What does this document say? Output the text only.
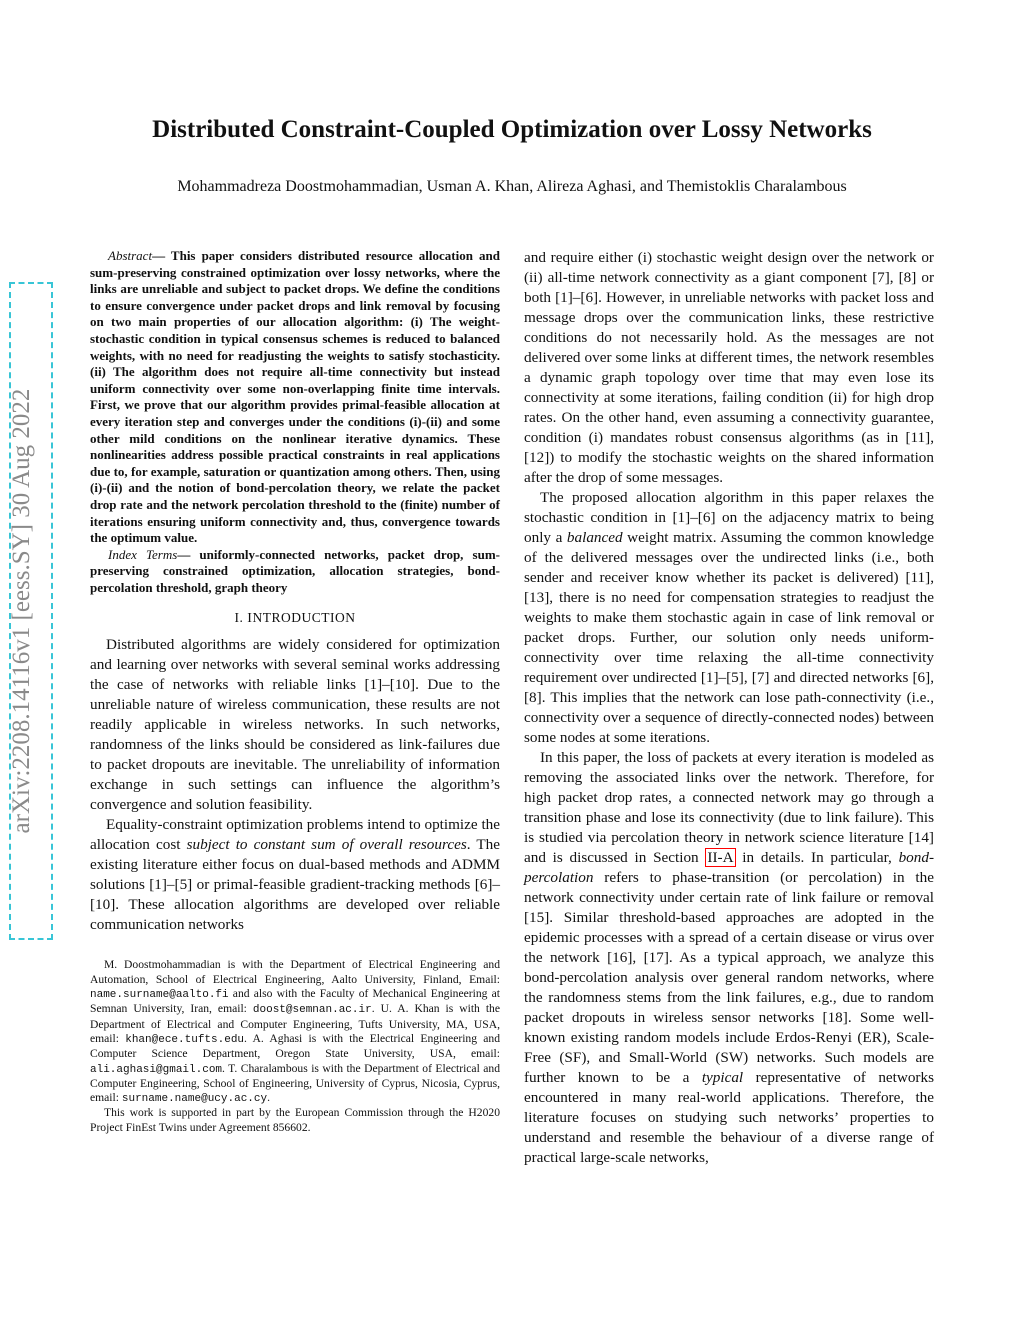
arXiv:2208.14116v1 [eess.SY] 30 Aug 2022
Distributed Constraint-Coupled Optimization over Lossy Networks
Mohammadreza Doostmohammadian, Usman A. Khan, Alireza Aghasi, and Themistoklis Charalambous

Abstract— This paper considers distributed resource allocation and sum-preserving constrained optimization over lossy networks, where the links are unreliable and subject to packet drops. We define the conditions to ensure convergence under packet drops and link removal by focusing on two main properties of our allocation algorithm: (i) The weight-stochastic condition in typical consensus schemes is reduced to balanced weights, with no need for readjusting the weights to satisfy stochasticity. (ii) The algorithm does not require all-time connectivity but instead uniform connectivity over some non-overlapping finite time intervals. First, we prove that our algorithm provides primal-feasible allocation at every iteration step and converges under the conditions (i)-(ii) and some other mild conditions on the nonlinear iterative dynamics. These nonlinearities address possible practical constraints in real applications due to, for example, saturation or quantization among others. Then, using (i)-(ii) and the notion of bond-percolation theory, we relate the packet drop rate and the network percolation threshold to the (finite) number of iterations ensuring uniform connectivity and, thus, convergence towards the optimum value.

Index Terms— uniformly-connected networks, packet drop, sum-preserving constrained optimization, allocation strategies, bond-percolation threshold, graph theory

I. INTRODUCTION

Distributed algorithms are widely considered for optimization and learning over networks with several seminal works addressing the case of networks with reliable links [1]–[10]. Due to the unreliable nature of wireless communication, these results are not readily applicable in wireless networks. In such networks, randomness of the links should be considered as link-failures due to packet dropouts are inevitable. The unreliability of information exchange in such settings can influence the algorithm’s convergence and solution feasibility.

Equality-constraint optimization problems intend to optimize the allocation cost subject to constant sum of overall resources. The existing literature either focus on dual-based methods and ADMM solutions [1]–[5] or primal-feasible gradient-tracking methods [6]–[10]. These allocation algorithms are developed over reliable communication networks

M. Doostmohammadian is with the Department of Electrical Engineering and Automation, School of Electrical Engineering, Aalto University, Finland, Email: name.surname@aalto.fi and also with the Faculty of Mechanical Engineering at Semnan University, Iran, email: doost@semnan.ac.ir. U. A. Khan is with the Department of Electrical and Computer Engineering, Tufts University, MA, USA, email: khan@ece.tufts.edu. A. Aghasi is with the Electrical Engineering and Computer Science Department, Oregon State University, USA, email: ali.aghasi@gmail.com. T. Charalambous is with the Department of Electrical and Computer Engineering, School of Engineering, University of Cyprus, Nicosia, Cyprus, email: surname.name@ucy.ac.cy.

This work is supported in part by the European Commission through the H2020 Project FinEst Twins under Agreement 856602.

and require either (i) stochastic weight design over the network or (ii) all-time network connectivity as a giant component [7], [8] or both [1]–[6]. However, in unreliable networks with packet loss and message drops over the communication links, these restrictive conditions do not necessarily hold. As the messages are not delivered over some links at different times, the network resembles a dynamic graph topology over time that may even lose its connectivity at some iterations, failing condition (ii) for high drop rates. On the other hand, even assuming a connectivity guarantee, condition (i) mandates robust consensus algorithms (as in [11], [12]) to modify the stochastic weights on the shared information after the drop of some messages.

The proposed allocation algorithm in this paper relaxes the stochastic condition in [1]–[6] on the adjacency matrix to being only a balanced weight matrix. Assuming the common knowledge of the delivered messages over the undirected links (i.e., both sender and receiver know whether its packet is delivered) [11], [13], there is no need for compensation strategies to readjust the weights to make them stochastic again in case of link removal or packet drops. Further, our solution only needs uniform-connectivity over time relaxing the all-time connectivity requirement over undirected [1]–[5], [7] and directed networks [6], [8]. This implies that the network can lose path-connectivity (i.e., connectivity over a sequence of directly-connected nodes) between some nodes at some iterations.

In this paper, the loss of packets at every iteration is modeled as removing the associated links over the network. Therefore, for high packet drop rates, a connected network may go through a transition phase and lose its connectivity (due to link failure). This is studied via percolation theory in network science literature [14] and is discussed in Section II-A in details. In particular, bond-percolation refers to phase-transition (or percolation) in the network connectivity under certain rate of link failure or removal [15]. Similar threshold-based approaches are adopted in the epidemic processes with a spread of a certain disease or virus over the network [16], [17]. As a typical approach, we analyze this bond-percolation analysis over general random networks, where the randomness stems from the link failures, e.g., due to random packet dropouts in wireless sensor networks [18]. Some well-known existing random models include Erdos-Renyi (ER), Scale-Free (SF), and Small-World (SW) networks. Such models are further known to be a typical representative of networks encountered in many real-world applications. Therefore, the literature focuses on studying such networks’ properties to understand and resemble the behaviour of a diverse range of practical large-scale networks,
